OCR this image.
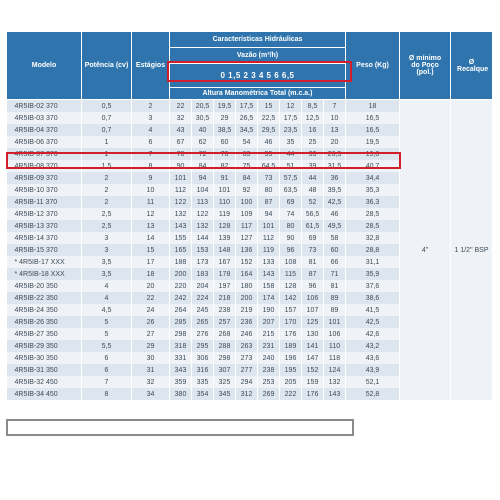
Modelo	Potência (cv)	Estágios	Características Hidráulicas								Peso (Kg)	Ø mínimo do Poço (pol.)	Ø Recalque
			Vazão (m³/h)										
			0 1,5 2 3 4 5 6 6,5										
			Altura Manométrica Total (m.c.a.)										
4R5IB-02 370	0,5	2	22	20,5	19,5	17,5	15	12	8,5	7	18	4"	1 1/2" BSP
4R5IB-03 370	0,7	3	32	30,5	29	26,5	22,5	17,5	12,5	10	16,5		
4R5IB-04 370	0,7	4	43	40	38,5	34,5	29,5	23,5	16	13	16,5		
4R5IB-06 370	1	6	67	62	60	54	46	35	25	20	19,5		
4R5IB-07 370	1	7	78	72	70	63	55	44	33	26,5	19,8		
4R5IB-08 370	1,5	8	90	84	82	75	64,5	51	39	31,5	40,7		
4R5IB-09 370	2	9	101	94	91	84	73	57,5	44	36	34,4		
4R5IB-10 370	2	10	112	104	101	92	80	63,5	48	39,5	35,3		
4R5IB-11 370	2	11	122	113	110	100	87	69	52	42,5	36,3		
4R5IB-12 370	2,5	12	132	122	119	109	94	74	56,5	46	28,5		
4R5IB-13 370	2,5	13	143	132	128	117	101	80	61,5	49,5	28,5		
4R5IB-14 370	3	14	155	144	139	127	112	90	69	58	32,8		
4R5IB-15 370	3	15	165	153	148	136	119	96	73	60	28,8		
* 4R5IB-17 XXX	3,5	17	188	173	167	152	133	108	81	66	31,1		
* 4R5IB-18 XXX	3,5	18	200	183	178	164	143	115	87	71	35,9		
4R5IB-20 350	4	20	220	204	197	180	158	128	96	81	37,6		
4R5IB-22 350	4	22	242	224	218	200	174	142	106	89	38,6		
4R5IB-24 350	4,5	24	264	245	238	219	190	157	107	89	41,5		
4R5IB-26 350	5	26	285	265	257	236	207	170	125	101	42,5		
4R5IB-27 350	5	27	298	276	268	246	215	176	130	106	42,6		
4R5IB-29 350	5,5	29	318	295	288	263	231	189	141	110	43,2		
4R5IB-30 350	6	30	331	306	298	273	240	196	147	118	43,6		
4R5IB-31 350	6	31	343	316	307	277	238	195	152	124	43,9		
4R5IB-32 450	7	32	359	335	325	294	253	205	159	132	52,1		
4R5IB-34 450	8	34	380	354	345	312	269	222	176	143	52,8		
